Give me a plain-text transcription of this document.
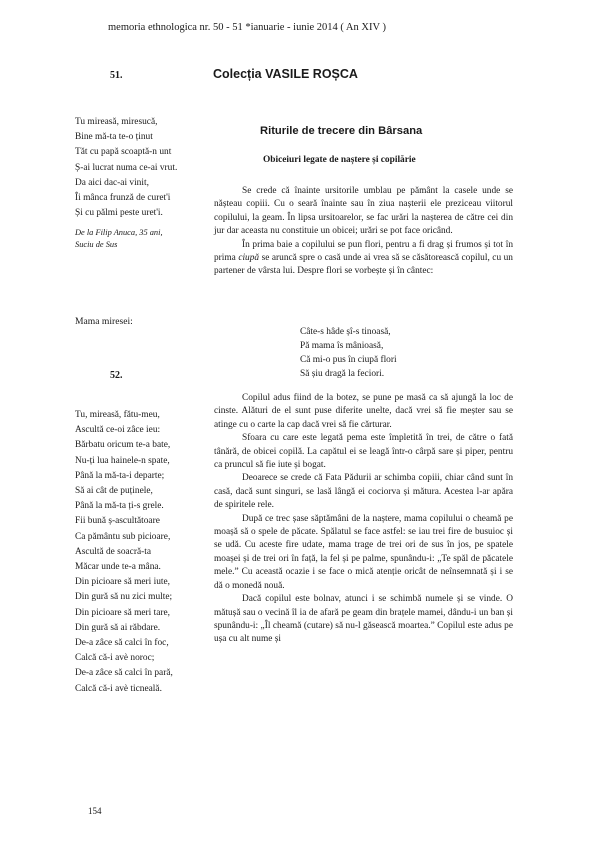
memoria ethnologica nr. 50 - 51 *ianuarie - iunie 2014 ( An XIV )
51.	Colecția VASILE ROȘCA
Tu mireasă, miresucă,
Bine mă-ta te-o ținut
Tăt cu papă scoaptă-n unt
Ș-ai lucrat numa ce-ai vrut.
Da aici dac-ai vinit,
Îi mânca frunză de curet'i
Și cu pălmi peste uret'i.
De la Filip Anuca, 35 ani,
Suciu de Sus
Mama miresei:
52.
Tu, mireasă, fătu-meu,
Ascultă ce-oi zâce ieu:
Bărbatu oricum te-a bate,
Nu-ți lua hainele-n spate,
Până la mă-ta-i departe;
Să ai cât de puținele,
Până la mă-ta ți-s grele.
Fii bună ș-ascultătoare
Ca pământu sub picioare,
Ascultă de soacră-ta
Măcar unde te-a mâna.
Din picioare să meri iute,
Din gură să nu zici multe;
Din picioare să meri tare,
Din gură să ai răbdare.
De-a zâce să calci în foc,
Calcă că-i avè noroc;
De-a zâce să calci în pară,
Calcă că-i avè ticneală.
Riturile de trecere din Bârsana
Obiceiuri legate de naștere și copilărie

Se crede că înainte ursitorile umblau pe pământ la casele unde se nășteau copiii. Cu o seară înainte sau în ziua nașterii ele preziceau viitorul copilului, la geam. În lipsa ursitoarelor, se fac urări la nașterea de către cei din jur dar aceasta nu constituie un obicei; urări se pot face oricând.

În prima baie a copilului se pun flori, pentru a fi drag și frumos și tot în prima ciupă se aruncă spre o casă unde ai vrea să se căsătorească copilul, cu un partener de vârsta lui. Despre flori se vorbește și în cântec:

Câte-s hâde șî-s tinoasă,
Pă mama îs mânioasă,
Că mi-o pus în ciupă flori
Să șiu dragă la feciori.

Copilul adus fiind de la botez, se pune pe masă ca să ajungă la loc de cinste. Alături de el sunt puse diferite unelte, dacă vrei să fie meșter sau se atinge cu o carte la cap dacă vrei să fie cărturar.

Sfoara cu care este legată pema este împletită în trei, de către o fată tânără, de obicei copilă. La capătul ei se leagă într-o cârpă sare și piper, pentru ca pruncul să fie iute și bogat.

Deoarece se crede că Fata Pădurii ar schimba copiii, chiar când sunt în casă, dacă sunt singuri, se lasă lângă ei cociorva și mătura. Acestea l-ar apăra de spiritele rele.

După ce trec șase săptămâni de la naștere, mama copilului o cheamă pe moașă să o spele de păcate. Spălatul se face astfel: se iau trei fire de busuioc și se udă. Cu aceste fire udate, mama trage de trei ori de sus în jos, pe spatele moașei și de trei ori în față, la fel și pe palme, spunându-i: „Te spăl de păcatele mele.” Cu această ocazie i se face o mică atenție oricât de neînsemnată și i se dă o monedă nouă.

Dacă copilul este bolnav, atunci i se schimbă numele și se vinde. O mătușă sau o vecină îl ia de afară pe geam din brațele mamei, dându-i un ban și spunându-i: „Îl cheamă (cutare) să nu-l găsească moartea.” Copilul este adus pe ușa cu alt nume și

154
